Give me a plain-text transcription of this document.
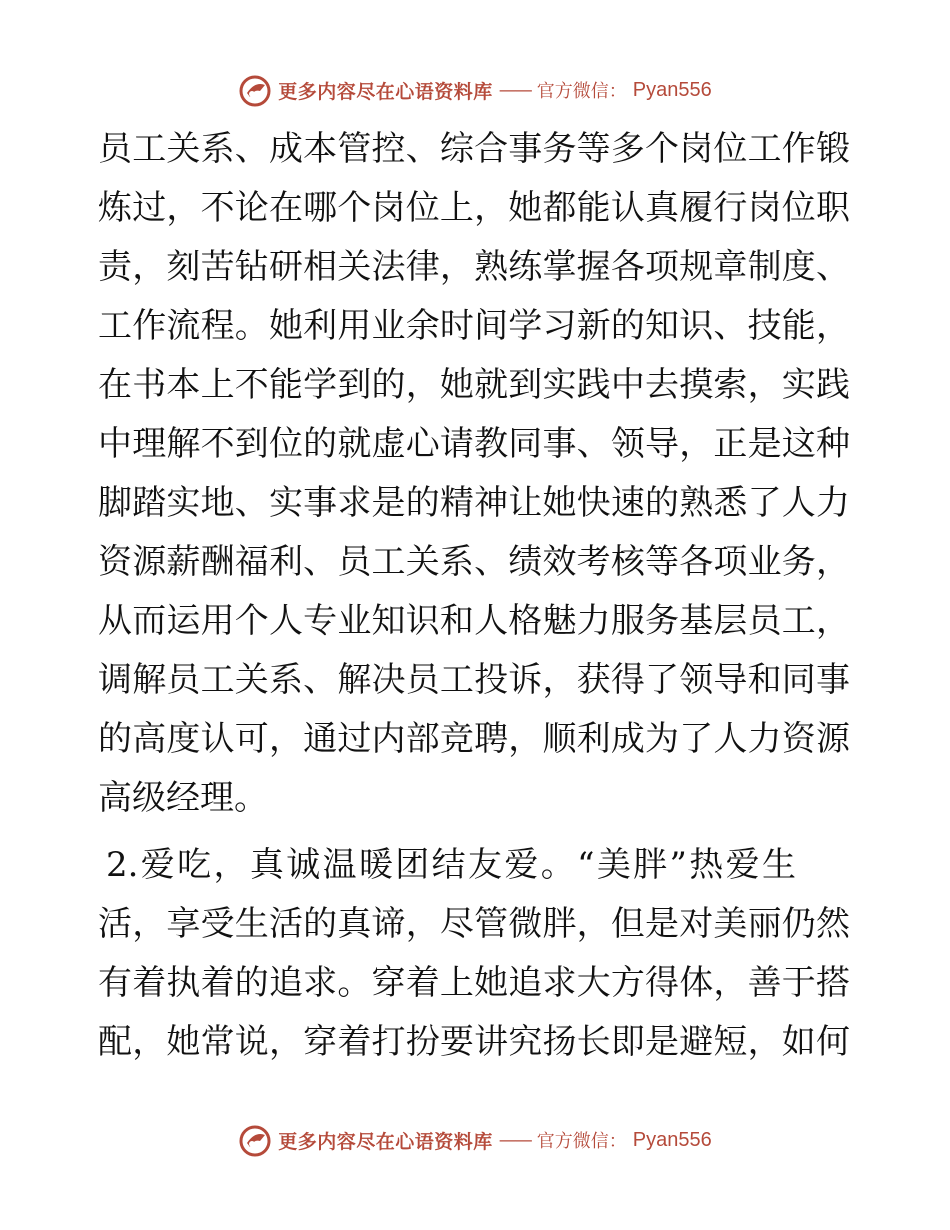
更多内容尽在心语资料库 —— 官方微信： Pyan556
员工关系、成本管控、综合事务等多个岗位工作锻
炼过，不论在哪个岗位上，她都能认真履行岗位职
责，刻苦钻研相关法律，熟练掌握各项规章制度、
工作流程。她利用业余时间学习新的知识、技能，
在书本上不能学到的，她就到实践中去摸索，实践
中理解不到位的就虚心请教同事、领导，正是这种
脚踏实地、实事求是的精神让她快速的熟悉了人力
资源薪酬福利、员工关系、绩效考核等各项业务，
从而运用个人专业知识和人格魅力服务基层员工，
调解员工关系、解决员工投诉，获得了领导和同事
的高度认可，通过内部竞聘，顺利成为了人力资源
高级经理。
2.爱吃，真诚温暖团结友爱。“美胖”热爱生
活，享受生活的真谛，尽管微胖，但是对美丽仍然
有着执着的追求。穿着上她追求大方得体，善于搭
配，她常说，穿着打扮要讲究扬长即是避短，如何
更多内容尽在心语资料库 —— 官方微信： Pyan556
